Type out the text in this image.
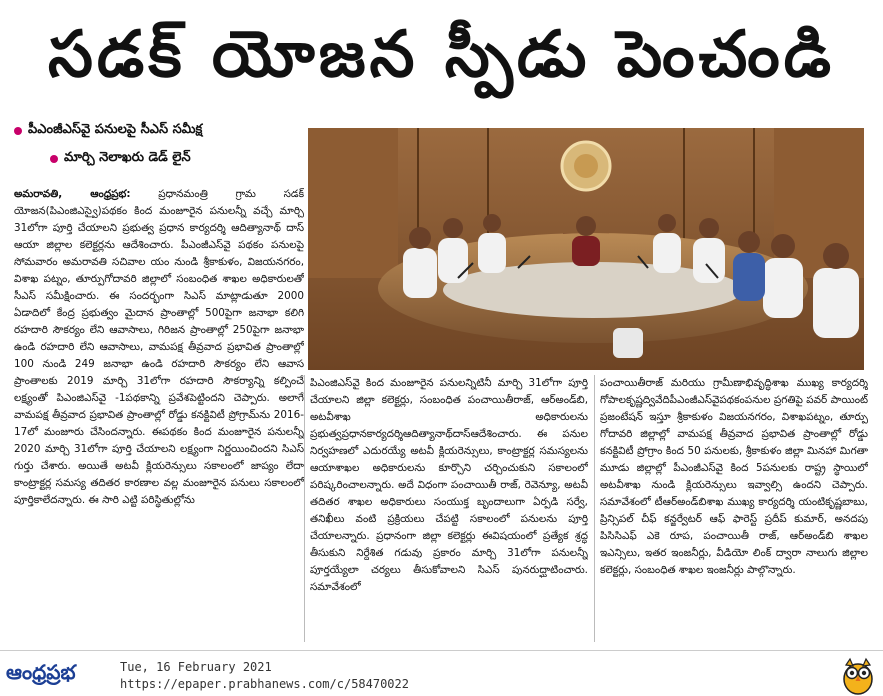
సడక్ యోజన స్పీడు పెంచండి
పీఎంజీఎస్‌వై పనులపై సీఎస్ సమీక్ష
మార్చి నెలాఖరు డెడ్ లైన్

అమరావతి, ఆంధ్రప్రభ:	ప్రధానమంత్రి గ్రామ సడక్ యోజన(పిఎంజిఎస్వై)పథకం కింద మంజూరైన పనులన్నీ వచ్చే మార్చి 31లోగా పూర్తి చేయాలని ప్రభుత్వ ప్రధాన కార్యదర్శి ఆదిత్యానాథ్ దాస్ ఆయా జిల్లాల కలెక్టర్లను ఆదేశించారు. పీఎంజీఎస్‌వై పథకం పనులపై సోమవారం అమరావతి సచివాల యం నుండి శ్రీకాకుళం, విజయనగరం, విశాఖ పట్నం, తూర్పుగోదావరి జిల్లాలో సంబంధిత శాఖల అధికారులతో సీఎస్ సమీక్షించారు. ఈ సందర్భంగా సిఎస్ మాట్లాడుతూ 2000 ఏడాదిలో కేంద్ర ప్రభుత్వం మైదాన ప్రాంతాల్లో 500పైగా జనాభా కలిగి రహదారి సౌకర్యం లేని ఆవాసాలు, గిరిజన ప్రాంతాల్లో 250పైగా జనాభా ఉండి రహదారి లేని ఆవాసాలు, వామపక్ష తీవ్రవాద ప్రభావిత ప్రాంతాల్లో 100 నుండి 249 జనాభా ఉండి రహదారి సౌకర్యం లేని ఆవాస ప్రాంతాలకు 2019 మార్చి 31లోగా రహదారి సౌకర్యాన్ని కల్పించే లక్ష్యంతో పిఎంజిఎస్‌వై -1పథకాన్ని ప్రవేశపెట్టిందని చెప్పారు. అలాగే వామపక్ష తీవ్రవాద ప్రభావిత ప్రాంతాల్లో రోడ్డు కనక్టివిటీ ప్రోగ్రామ్‌ను 2016-17లో మంజూరు చేసిందన్నారు. ఈపథకం కింద మంజూరైన పనులన్నీ 2020 మార్చి 31లోగా పూర్తి చేయాలని లక్ష్యంగా నిర్ణయించిందని సిఎస్ గుర్తు చేశారు. అయితే అటవీ క్లియరెన్సులు సకాలంలో జాప్యం లేదా కాంట్రాక్టర్ల సమస్య తదితర కారణాల వల్ల మంజూరైన పనులు సకాలంలో పూర్తికాలేదన్నారు. ఈ సారి ఎట్టి పరిస్థితుల్లోను

పిఎంజిఎస్‌వై కింద మంజూరైన పనులన్నిటినీ మార్చి 31లోగా పూర్తి చేయాలని జిల్లా కలెక్టర్లు, సంబంధిత పంచాయితీరాజ్, ఆర్అండ్‌బి, అటవీశాఖ అధికారులను ప్రభుత్వప్రధానకార్యదర్శిఆదిత్యానాథ్‌దాస్‌ఆదేశించారు. ఈ పనుల నిర్వహణలో ఎదురయ్యే అటవీ క్లియరెన్సులు, కాంట్రాక్టర్ల సమస్యలను ఆయాశాఖల అధికారులను కూర్చొని చర్చించుకుని సకాలంలో పరిష్కరించాలన్నారు. అదే విధంగా పంచాయితీ రాజ్, రెవెన్యూ, అటవీ తదితర శాఖల అధికారులు సంయుక్త బృందాలుగా ఏర్పడి సర్వే, తనిఖీలు వంటి ప్రక్రియలు చేపట్టి సకాలంలో పనులను పూర్తి చేయాలన్నారు. ప్రధానంగా జిల్లా కలెక్టర్లు ఈవిషయంలో ప్రత్యేక శ్రద్ధ తీసుకుని నిర్దేశిత గడువు ప్రకారం మార్చి 31లోగా పనులన్నీ పూర్తయ్యేలా చర్యలు తీసుకోవాలని సిఎస్ పునరుద్ఘాటించారు. సమావేశంలో

పంచాయితీరాజ్ మరియు గ్రామీణాభివృద్ధిశాఖ ముఖ్య కార్యదర్శి గోపాలకృష్ణద్వివేదిపీఎంజీఎస్‌వైపథకంపనుల ప్రగతిపై పవర్ పాయింట్ ప్రజంటేషన్ ఇస్తూ శ్రీకాకుళం విజయనగరం, విశాఖపట్నం, తూర్పు గోదావరి జిల్లాల్లో వామపక్ష తీవ్రవాద ప్రభావిత ప్రాంతాల్లో రోడ్డు కనక్టివిటీ ప్రోగ్రాం కింద 50 పనులకు, శ్రీకాకుళం జిల్లా మినహా మిగతా మూడు జిల్లాల్లో పీఎంజీఎస్‌వై కింద 5పనులకు రాష్ట్ర స్థాయిలో అటవీశాఖ నుండి క్లియరెన్సులు ఇవ్వాల్సి ఉందని చెప్పారు. సమావేశంలో టీఆర్అండ్‌బిశాఖ ముఖ్య కార్యదర్శి యంటికృష్ణబాబు, ప్రిన్సిపల్ చీఫ్ కన్జర్వేటర్ ఆఫ్ ఫారెస్ట్ ప్రదీప్ కుమార్, అనదపు పిసిసిఎఫ్ ఎకె రూప, పంచాయితీ రాజ్, ఆర్అండ్‌బి శాఖల ఇఎన్సిలు, ఇతర ఇంజనీర్లు, వీడియో లింక్ ద్వారా నాలుగు జిల్లాల కలెక్టర్లు, సంబంధిత శాఖల ఇంజనీర్లు పాల్గొన్నారు.

ఆంధ్రప్రభ	Tue, 16 February 2021
https://epaper.prabhanews.com/c/58470022
